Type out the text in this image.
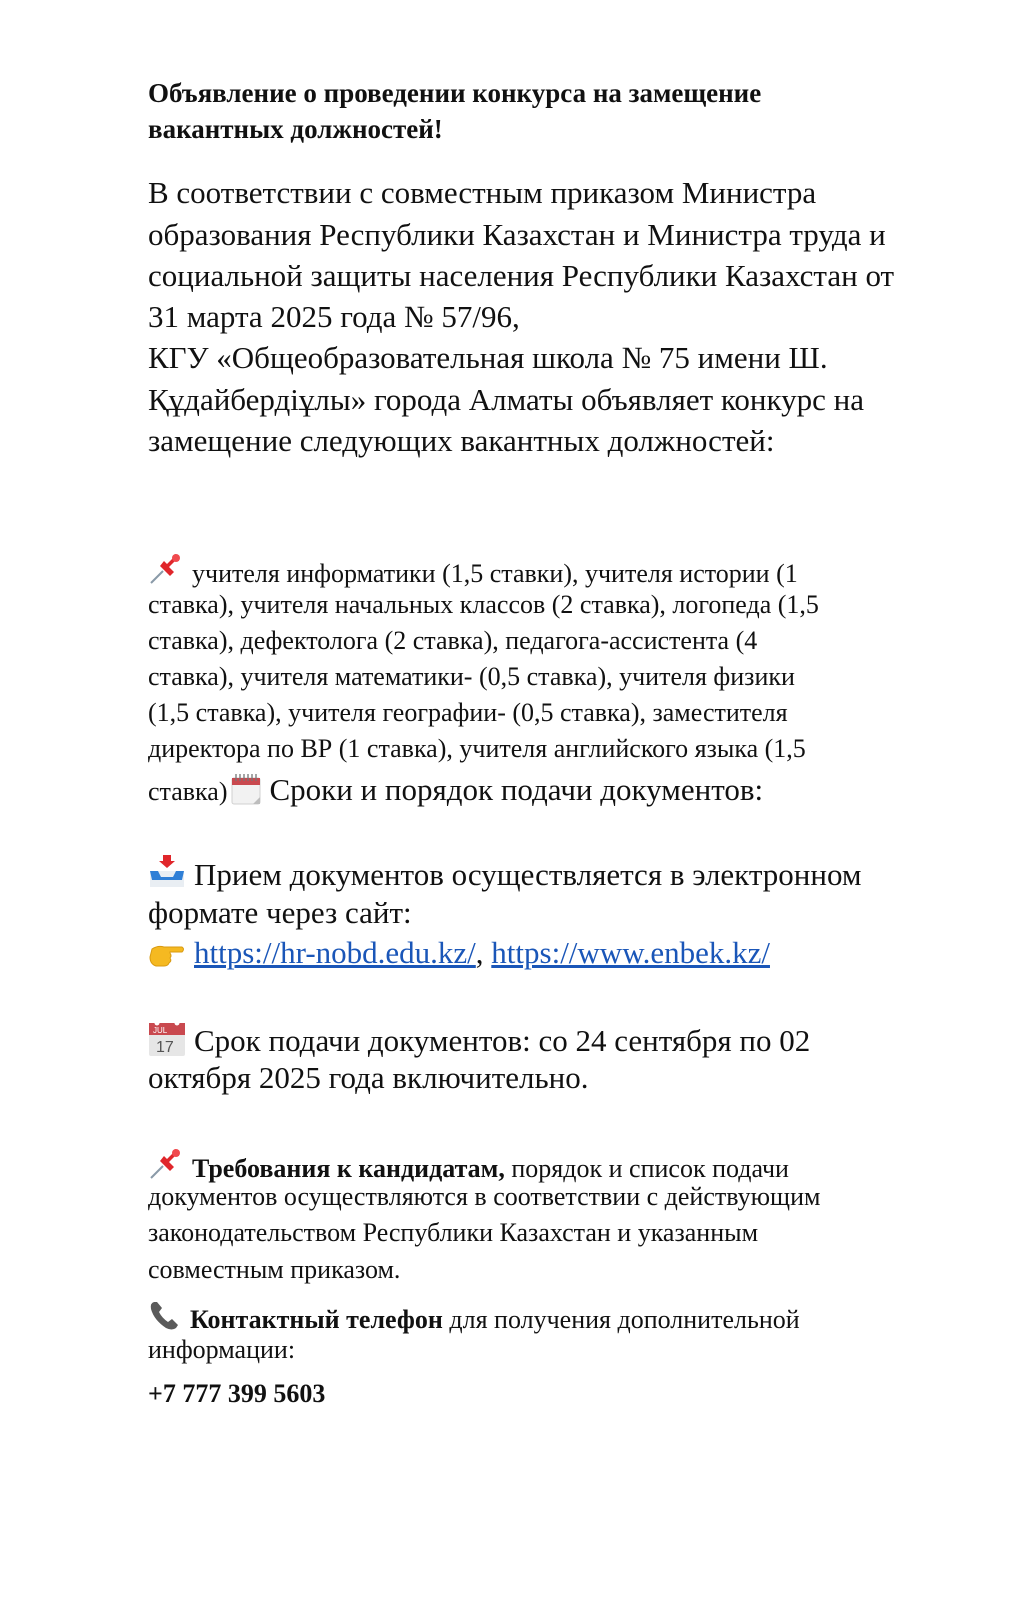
Объявление о проведении конкурса на замещение
вакантных должностей!
В соответствии с совместным приказом Министра
образования Республики Казахстан и Министра труда и
социальной защиты населения Республики Казахстан от
31 марта 2025 года № 57/96,
КГУ «Общеобразовательная школа № 75 имени Ш.
Құдайбердіұлы» города Алматы объявляет конкурс на
замещение следующих вакантных должностей:
учителя информатики (1,5 ставки), учителя истории (1
ставка), учителя начальных классов (2 ставка), логопеда (1,5
ставка), дефектолога (2 ставка), педагога-ассистента (4
ставка), учителя математики- (0,5 ставка), учителя физики
(1,5 ставка), учителя географии- (0,5 ставка), заместителя
директора по ВР (1 ставка), учителя английского языка (1,5
ставка) Сроки и порядок подачи документов:
Прием документов осуществляется в электронном
формате через сайт:
https://hr-nobd.edu.kz/, https://www.enbek.kz/
JUL
17 Срок подачи документов: со 24 сентября по 02
октября 2025 года включительно.
Требования к кандидатам, порядок и список подачи
документов осуществляются в соответствии с действующим
законодательством Республики Казахстан и указанным
совместным приказом.
Контактный телефон для получения дополнительной
информации:
+7 777 399 5603
